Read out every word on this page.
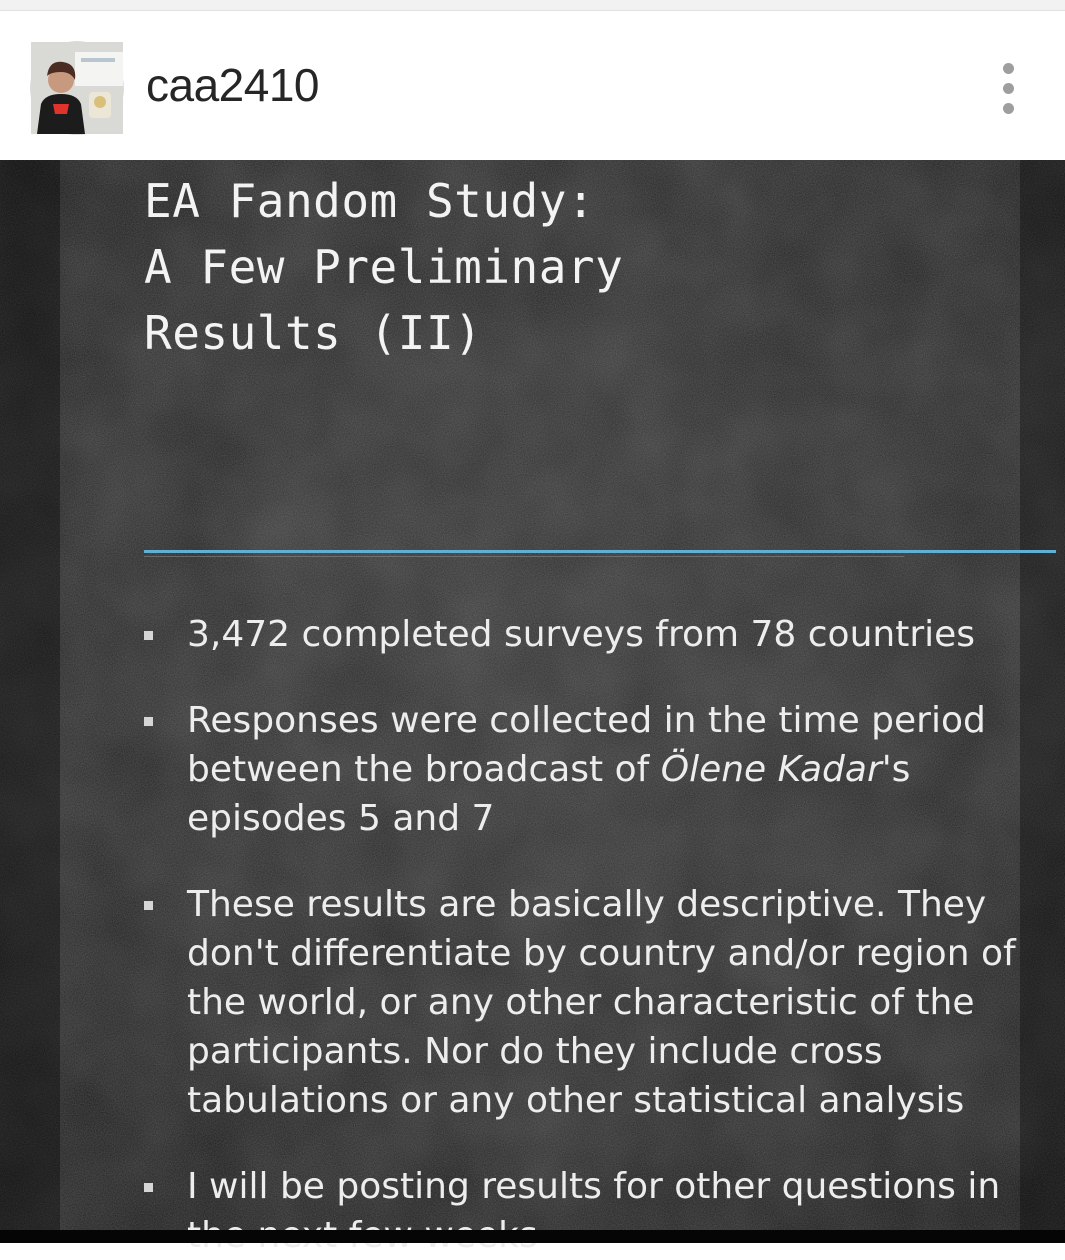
caa2410
EA Fandom Study:
A Few Preliminary
Results (II)
3,472 completed surveys from 78 countries
Responses were collected in the time period between the broadcast of Ölene Kadar's episodes 5 and 7
These results are basically descriptive. They don't differentiate by country and/or region of the world, or any other characteristic of the participants. Nor do they include cross tabulations or any other statistical analysis
I will be posting results for other questions in
